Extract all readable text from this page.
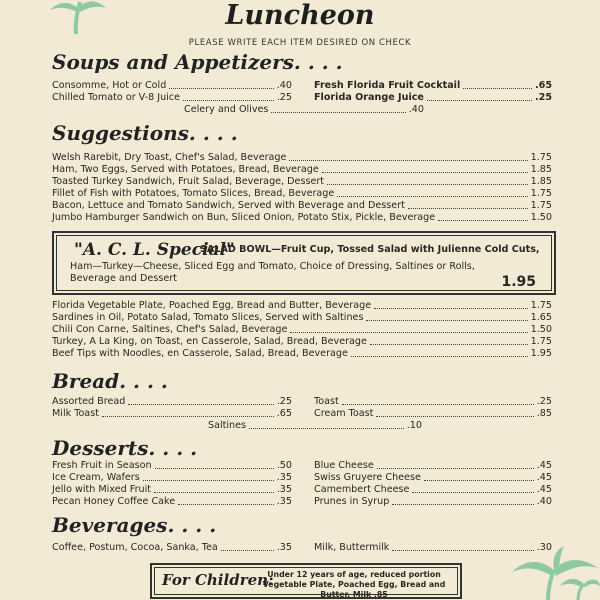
Luncheon
PLEASE WRITE EACH ITEM DESIRED ON CHECK
Soups and Appetizers. . . .
Consomme, Hot or Cold	.40
Chilled Tomato or V-8 Juice	.25
Fresh Florida Fruit Cocktail	.65
Florida Orange Juice	.25
Celery and Olives	.40
Suggestions. . . .
Welsh Rarebit, Dry Toast, Chef's Salad, Beverage	1.75
Ham, Two Eggs, Served with Potatoes, Bread, Beverage	1.85
Toasted Turkey Sandwich, Fruit Salad, Beverage, Dessert	1.85
Fillet of Fish with Potatoes, Tomato Slices, Bread, Beverage	1.75
Bacon, Lettuce and Tomato Sandwich, Served with Beverage and Dessert	1.75
Jumbo Hamburger Sandwich on Bun, Sliced Onion, Potato Stix, Pickle, Beverage	1.50
"A. C. L. Special"
SALAD BOWL—Fruit Cup, Tossed Salad with Julienne Cold Cuts,
Ham—Turkey—Cheese, Sliced Egg and Tomato, Choice of Dressing, Saltines or Rolls,
Beverage and Dessert	1.95
Florida Vegetable Plate, Poached Egg, Bread and Butter, Beverage	1.75
Sardines in Oil, Potato Salad, Tomato Slices, Served with Saltines	1.65
Chili Con Carne, Saltines, Chef's Salad, Beverage	1.50
Turkey, A La King, on Toast, en Casserole, Salad, Bread, Beverage	1.75
Beef Tips with Noodles, en Casserole, Salad, Bread, Beverage	1.95
Bread. . . .
Assorted Bread	.25
Milk Toast	.65
Toast	.25
Cream Toast	.85
Saltines	.10
Desserts. . . .
Fresh Fruit in Season	.50
Ice Cream, Wafers	.35
Jello with Mixed Fruit	.35
Pecan Honey Coffee Cake	.35
Blue Cheese	.45
Swiss Gruyere Cheese	.45
Camembert Cheese	.45
Prunes in Syrup	.40
Beverages. . . .
Coffee, Postum, Cocoa, Sanka, Tea	.35 Milk, Buttermilk	.30
For Children:
Under 12 years of age, reduced portion Vegetable Plate, Poached Egg, Bread and Butter, Milk .85
